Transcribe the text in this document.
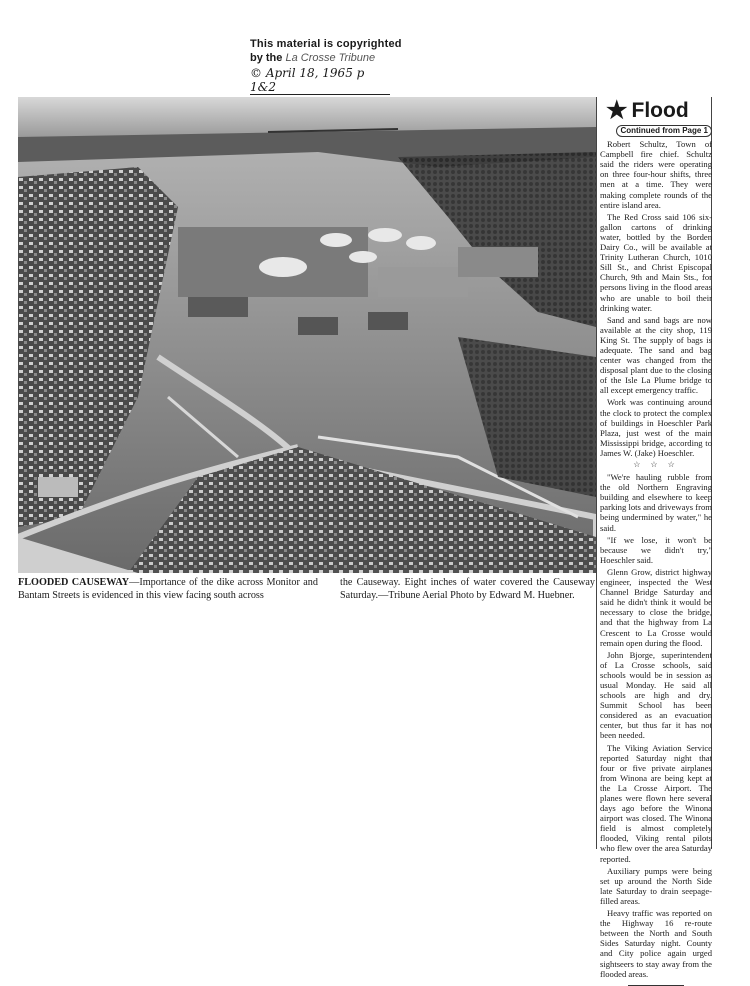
This material is copyrighted
by the La Crosse Tribune
© April 18, 1965 p 1&2
FLOODED CAUSEWAY—Importance of the dike across Monitor and Bantam Streets is evidenced in this view facing south across
the Causeway. Eight inches of water covered the Causeway Saturday.—Tribune Aerial Photo by Edward M. Huebner.
★ Flood
Continued from Page 1

Robert Schultz, Town of Campbell fire chief. Schultz said the riders were operating on three four-hour shifts, three men at a time. They were making complete rounds of the entire island area.

The Red Cross said 106 six-gallon cartons of drinking water, bottled by the Borden Dairy Co., will be available at Trinity Lutheran Church, 1010 Sill St., and Christ Episcopal Church, 9th and Main Sts., for persons living in the flood areas who are unable to boil their drinking water.

Sand and sand bags are now available at the city shop, 119 King St. The supply of bags is adequate. The sand and bag center was changed from the disposal plant due to the closing of the Isle La Plume bridge to all except emergency traffic.

Work was continuing around the clock to protect the complex of buildings in Hoeschler Park Plaza, just west of the main Mississippi bridge, according to James W. (Jake) Hoeschler.

☆ ☆ ☆

"We're hauling rubble from the old Northern Engraving building and elsewhere to keep parking lots and driveways from being undermined by water," he said.

"If we lose, it won't be because we didn't try," Hoeschler said.

Glenn Grow, district highway engineer, inspected the West Channel Bridge Saturday and said he didn't think it would be necessary to close the bridge, and that the highway from La Crescent to La Crosse would remain open during the flood.

John Bjorge, superintendent of La Crosse schools, said schools would be in session as usual Monday. He said all schools are high and dry. Summit School has been considered as an evacuation center, but thus far it has not been needed.

The Viking Aviation Service reported Saturday night that four or five private airplanes from Winona are being kept at the La Crosse Airport. The planes were flown here several days ago before the Winona airport was closed. The Winona field is almost completely flooded, Viking rental pilots who flew over the area Saturday reported.

Auxiliary pumps were being set up around the North Side late Saturday to drain seepage-filled areas.

Heavy traffic was reported on the Highway 16 re-route between the North and South Sides Saturday night. County and City police again urged sightseers to stay away from the flooded areas.
